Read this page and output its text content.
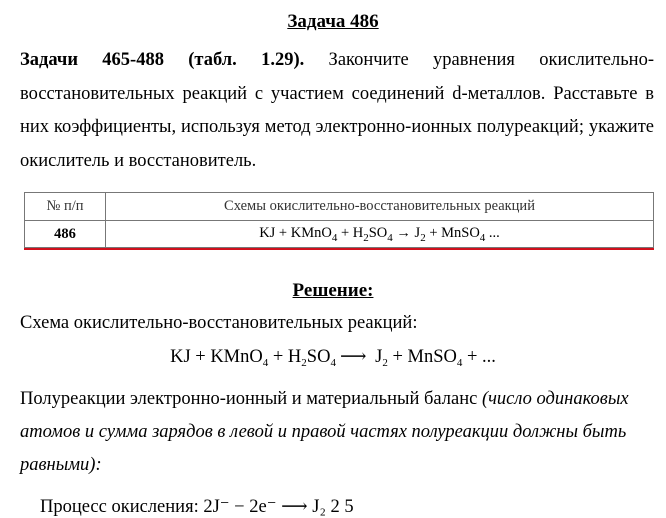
Задача 486
Задачи 465-488 (табл. 1.29). Закончите уравнения окислительно-восстановительных реакций с участием соединений d-металлов. Расставьте в них коэффициенты, используя метод электронно-ионных полуреакций; укажите окислитель и восстановитель.
№ п/п	Схемы окислительно-восстановительных реакций
486	KJ + KMnO$_4$ + $H_2SO_4 \to J_2$ + MnSO$_4$ ...
Решение:
Схема окислительно-восстановительных реакций:
KJ + KMnO$_4$ + $H_2SO_4$ ⟶ $J_2$ + MnSO$_4$ + ...
Полуреакции электронно-ионный и материальный баланс (число одинаковых атомов и сумма зарядов в левой и правой частях полуреакции должны быть равными):
Процесс окисления: 2J⁻ − 2e⁻ ⟶ J₂ 2 5
